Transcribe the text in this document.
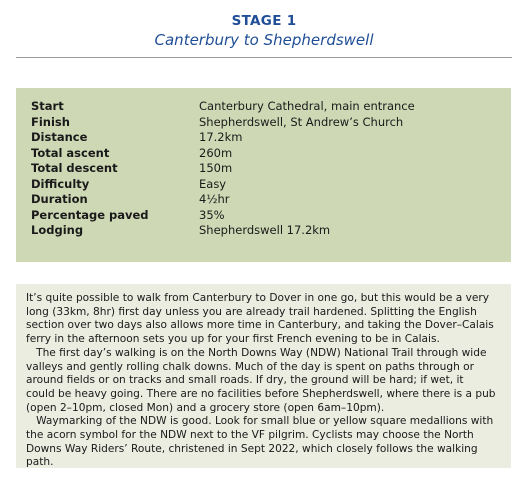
STAGE 1
Canterbury to Shepherdswell
Start	Canterbury Cathedral, main entrance
Finish	Shepherdswell, St Andrew’s Church
Distance	17.2km
Total ascent	260m
Total descent	150m
Difficulty	Easy
Duration	4½hr
Percentage paved	35%
Lodging	Shepherdswell 17.2km

It’s quite possible to walk from Canterbury to Dover in one go, but this would be a very

long (33km, 8hr) first day unless you are already trail hardened. Splitting the English

section over two days also allows more time in Canterbury, and taking the Dover–Calais

ferry in the afternoon sets you up for your first French evening to be in Calais.

The first day’s walking is on the North Downs Way (NDW) National Trail through wide

valleys and gently rolling chalk downs. Much of the day is spent on paths through or

around fields or on tracks and small roads. If dry, the ground will be hard; if wet, it

could be heavy going. There are no facilities before Shepherdswell, where there is a pub

(open 2–10pm, closed Mon) and a grocery store (open 6am–10pm).

Waymarking of the NDW is good. Look for small blue or yellow square medallions with

the acorn symbol for the NDW next to the VF pilgrim. Cyclists may choose the North

Downs Way Riders’ Route, christened in Sept 2022, which closely follows the walking

path.
